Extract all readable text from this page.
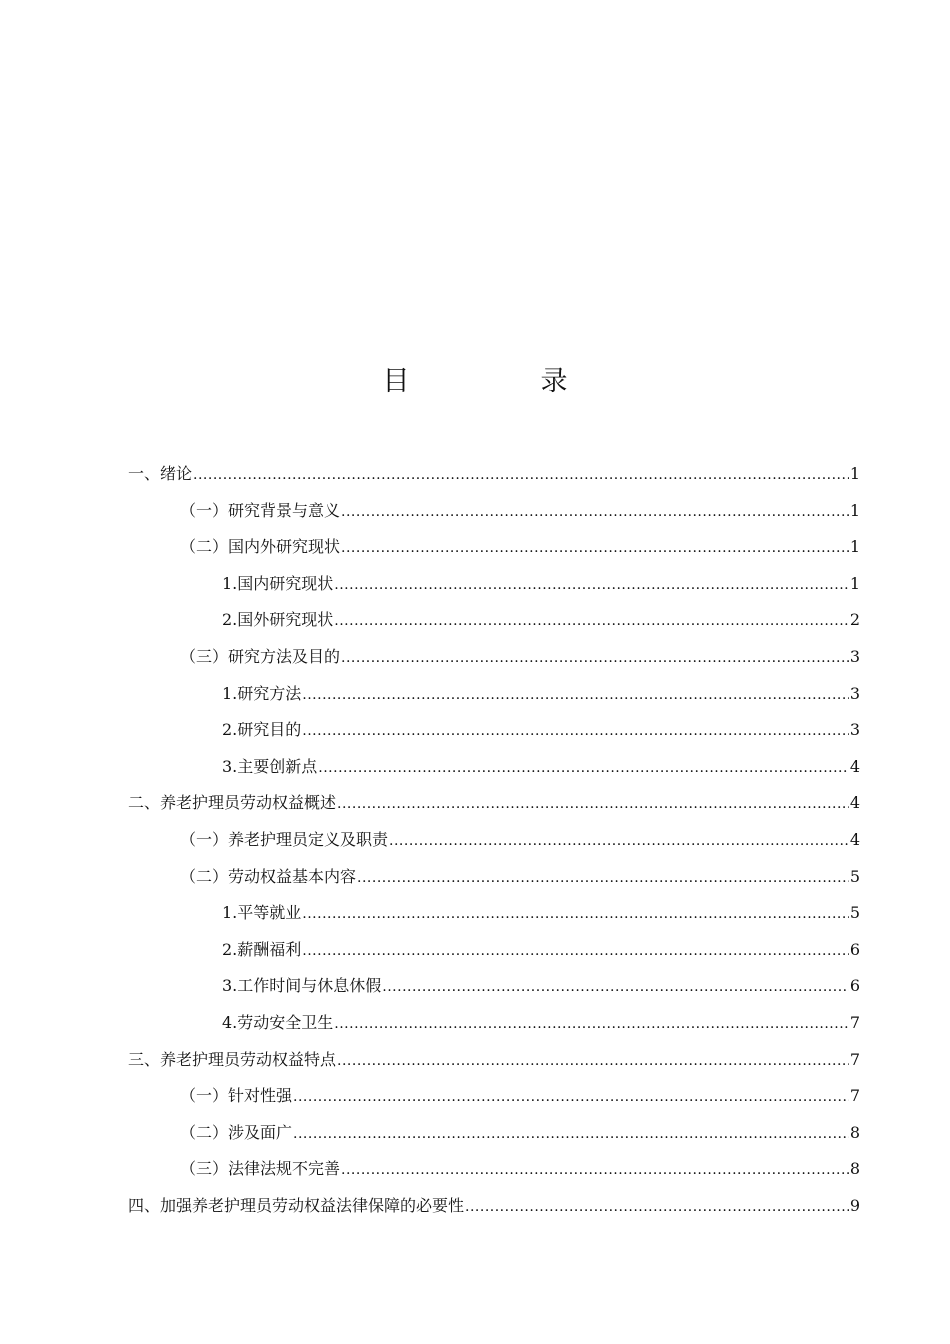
目　录
一、绪论 .....	1
（一）研究背景与意义 .....	1
（二）国内外研究现状 .....	1
1.国内研究现状 .....	1
2.国外研究现状 .....	2
（三）研究方法及目的 .....	3
1.研究方法 .....	3
2.研究目的 .....	3
3.主要创新点 .....	4
二、养老护理员劳动权益概述 .....	4
（一）养老护理员定义及职责 .....	4
（二）劳动权益基本内容 .....	5
1.平等就业 .....	5
2.薪酬福利 .....	6
3.工作时间与休息休假 .....	6
4.劳动安全卫生 .....	7
三、养老护理员劳动权益特点 .....	7
（一）针对性强 .....	7
（二）涉及面广 .....	8
（三）法律法规不完善 .....	8
四、加强养老护理员劳动权益法律保障的必要性 .....	9
